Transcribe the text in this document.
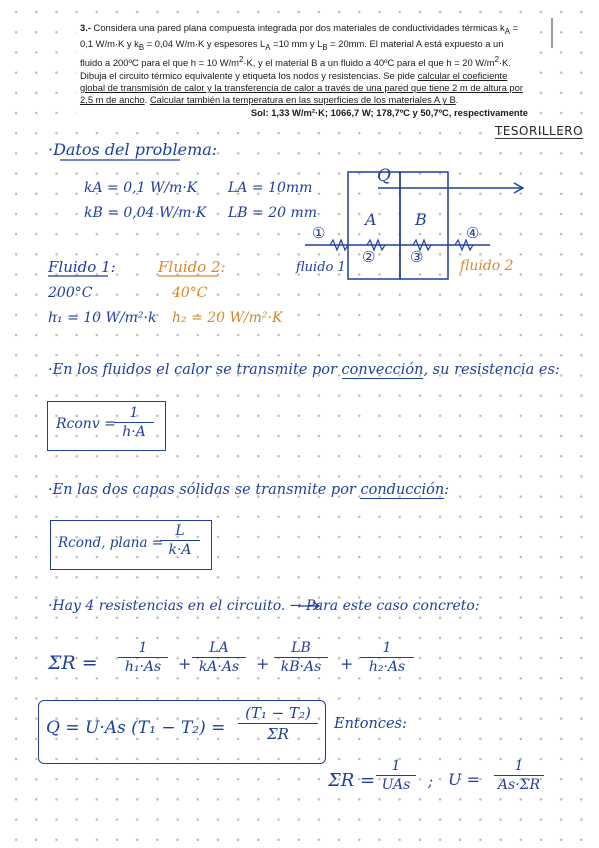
3.- Considera una pared plana compuesta integrada por dos materiales de conductividades térmicas $k_A = 0,1$ W/m·K y $k_B = 0,04$ W/m·K y espesores $L_A =10$ mm y $L_B = 20mm$. El material A está expuesto a un fluido a 200ºC para el que h = 10 $W/m^2\cdot K$, y el material B a un fluido a 40ºC para el que h = 20 $W/m^2\cdot K$. Dibuja el circuito térmico equivalente y etiqueta los nodos y resistencias. Se pide calcular el coeficiente global de transmisión de calor y la transferencia de calor a través de una pared que tiene 2 m de altura por 2,5 m de ancho. Calcular también la temperatura en las superficies de los materiales A y B.
Sol: 1,33 W/m²·K; 1066,7 W; 178,7ºC y 50,7ºC, respectivamente
TESORILLERO
Q
A B
①
② ③
④
fluido 1	fluido 2
·Datos del problema:
kA = 0,1 W/m·K
kB = 0,04 W/m·K
LA = 10mm
LB = 20 mm
Fluido 1:
200°C
h₁ = 10 W/m²·k
Fluido 2:
40°C
h₂ = 20 W/m²·K
·En los fluidos el calor se transmite por convección, su resistencia es:
Rconv =
$\frac{1}{h\cdot A}$
·En las dos capas sólidas se transmite por conducción:
Rcond, plana =
$\frac{L}{k\cdot A}$
·Hay 4 resistencias en el circuito. → Para este caso concreto:
$\Sigma R = \frac{1}{\text{h₁·As}} + \frac{LA}{kA\cdot As} + \frac{LB}{kB\cdot As} + \frac{1}{\text{h₂·As}}$
Q = U·As $(T_1 - T_2) = \frac{\text{(T₁ − T₂)}}{\Sigma R}$ Entonces:
ΣR =
1
UAs	; $U = \frac{1}{As\cdot\Sigma R}$
